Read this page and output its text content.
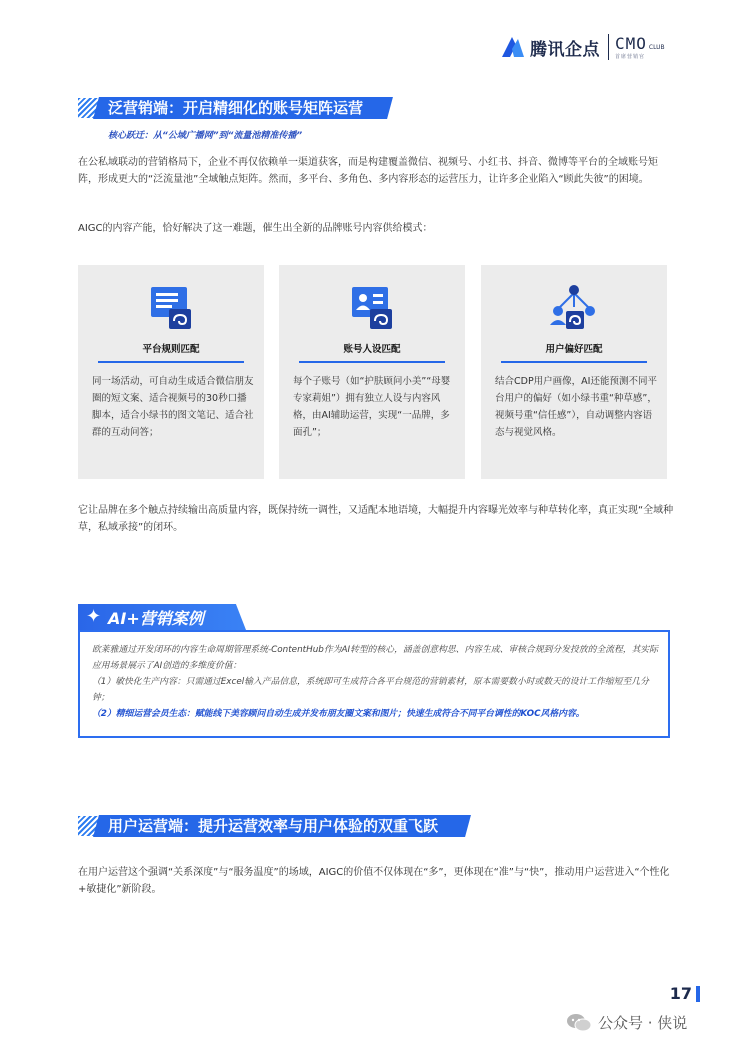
腾讯企点 CMO CLUB
首席营销官
泛营销端：开启精细化的账号矩阵运营
核心跃迁：从“公域广播网”到“流量池精准传播”
在公私域联动的营销格局下，企业不再仅依赖单一渠道获客，而是构建覆盖微信、视频号、小红书、抖音、微博等平台的全域账号矩阵，形成更大的“泛流量池”全域触点矩阵。然而，多平台、多角色、多内容形态的运营压力，让许多企业陷入“顾此失彼”的困境。
AIGC的内容产能，恰好解决了这一难题，催生出全新的品牌账号内容供给模式：
平台规则匹配
同一场活动，可自动生成适合微信朋友圈的短文案、适合视频号的30秒口播脚本，适合小绿书的图文笔记、适合社群的互动问答；
账号人设匹配
每个子账号（如“护肤顾问小美”“母婴专家莉姐”）拥有独立人设与内容风格，由AI辅助运营，实现“一品牌，多面孔”；
用户偏好匹配
结合CDP用户画像，AI还能预测不同平台用户的偏好（如小绿书重“种草感”，视频号重“信任感”），自动调整内容语态与视觉风格。
它让品牌在多个触点持续输出高质量内容，既保持统一调性，又适配本地语境，大幅提升内容曝光效率与种草转化率，真正实现“全域种草，私域承接”的闭环。
✦ AI+营销案例
欧莱雅通过开发闭环的内容生命周期管理系统-ContentHub作为AI转型的核心，涵盖创意构思、内容生成、审核合规到分发投放的全流程，其实际应用场景展示了AI创造的多维度价值：
（1）敏快化生产内容：只需通过Excel输入产品信息，系统即可生成符合各平台规范的营销素材，原本需要数小时或数天的设计工作缩短至几分钟；
（2）精细运营会员生态：赋能线下美容顾问自动生成并发布朋友圈文案和图片；快速生成符合不同平台调性的KOC风格内容。
用户运营端：提升运营效率与用户体验的双重飞跃
在用户运营这个强调“关系深度”与“服务温度”的场域，AIGC的价值不仅体现在“多”，更体现在“准”与“快”，推动用户运营进入“个性化+敏捷化”新阶段。
17
公众号 · 侠说
